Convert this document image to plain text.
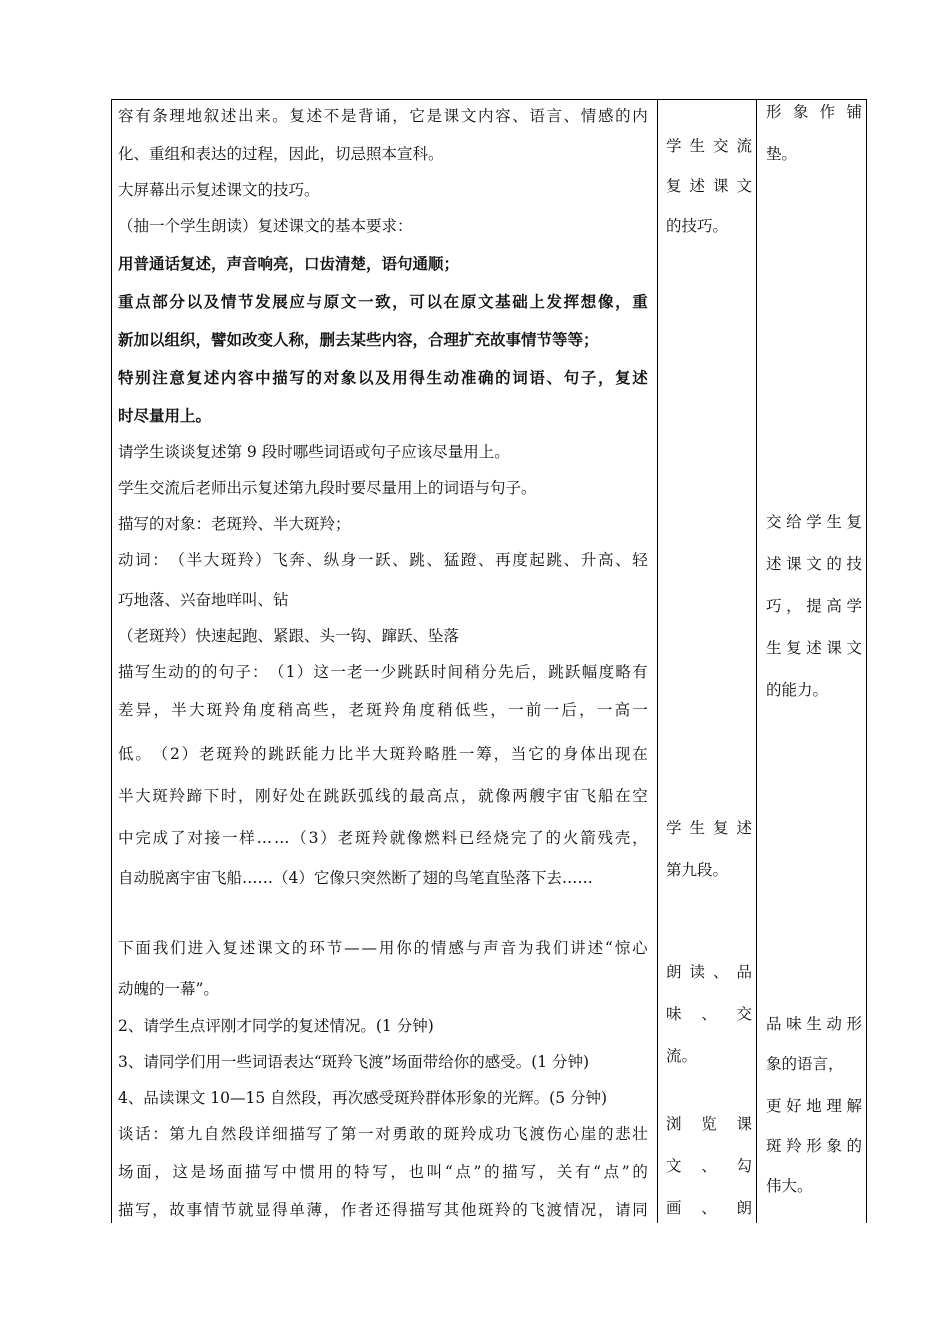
容 有 条 理 地 叙 述 出 来 。 复 述 不 是 背 诵 ， 它 是 课 文 内 容 、 语 言 、 情 感 的 内
化、重组和表达的过程，因此，切忌照本宣科。
大屏幕出示复述课文的技巧。
（抽一个学生朗读）复述课文的基本要求：
用普通话复述，声音响亮，口齿清楚，语句通顺；
重 点 部 分 以 及 情 节 发 展 应 与 原 文 一 致 ， 可 以 在 原 文 基 础 上 发 挥 想 像 ， 重
新加以组织，譬如改变人称，删去某些内容，合理扩充故事情节等等；
特 别 注 意 复 述 内 容 中 描 写 的 对 象 以 及 用 得 生 动 准 确 的 词 语 、 句 子 ， 复 述
时尽量用上。
请学生谈谈复述第 9 段时哪些词语或句子应该尽量用上。
学生交流后老师出示复述第九段时要尽量用上的词语与句子。
描写的对象：老斑羚、半大斑羚；
动 词 ： （ 半 大 斑 羚 ） 飞 奔 、 纵 身 一 跃 、 跳 、 猛 蹬 、 再 度 起 跳 、 升 高 、 轻
巧地落、兴奋地咩叫、钻
（老斑羚）快速起跑、紧跟、头一钩、蹿跃、坠落
描 写 生 动 的 的 句 子 ： （ 1 ） 这 一 老 一 少 跳 跃 时 间 稍 分 先 后 ， 跳 跃 幅 度 略 有
差 异 ， 半 大 斑 羚 角 度 稍 高 些 ， 老 斑 羚 角 度 稍 低 些 ， 一 前 一 后 ， 一 高 一
低 。 （ 2 ） 老 斑 羚 的 跳 跃 能 力 比 半 大 斑 羚 略 胜 一 筹 ， 当 它 的 身 体 出 现 在
半 大 斑 羚 蹄 下 时 ， 刚 好 处 在 跳 跃 弧 线 的 最 高 点 ， 就 像 两 艘 宇 宙 飞 船 在 空
中 完 成 了 对 接 一 样 … … （ 3 ） 老 斑 羚 就 像 燃 料 已 经 烧 完 了 的 火 箭 残 壳 ，
自动脱离宇宙飞船……（4）它像只突然断了翅的鸟笔直坠落下去……
下 面 我 们 进 入 复 述 课 文 的 环 节 — — 用 你 的 情 感 与 声 音 为 我 们 讲 述 “ 惊 心
动魄的一幕”。
2、请学生点评刚才同学的复述情况。(1 分钟)
3、请同学们用一些词语表达“斑羚飞渡”场面带给你的感受。(1 分钟)
4、品读课文 10—15 自然段，再次感受斑羚群体形象的光辉。(5 分钟)
谈 话 ： 第 九 自 然 段 详 细 描 写 了 第 一 对 勇 敢 的 斑 羚 成 功 飞 渡 伤 心 崖 的 悲 壮
场 面 ， 这 是 场 面 描 写 中 惯 用 的 特 写 ， 也 叫 “ 点 ” 的 描 写 ， 关 有 “ 点 ” 的
描 写 ， 故 事 情 节 就 显 得 单 薄 ， 作 者 还 得 描 写 其 他 斑 羚 的 飞 渡 情 况 ， 请 同
学 生 交 流
复 述 课 文
的技巧。
学 生 复 述
第九段。
朗 读 、 品
味 、 交
流。
浏 览 课
文 、 勾
画 、 朗
形 象 作 铺
垫。
交 给 学 生 复
述 课 文 的 技
巧 ， 提 高 学
生 复 述 课 文
的能力。
品 味 生 动 形
象的语言，
更 好 地 理 解
斑 羚 形 象 的
伟大。
